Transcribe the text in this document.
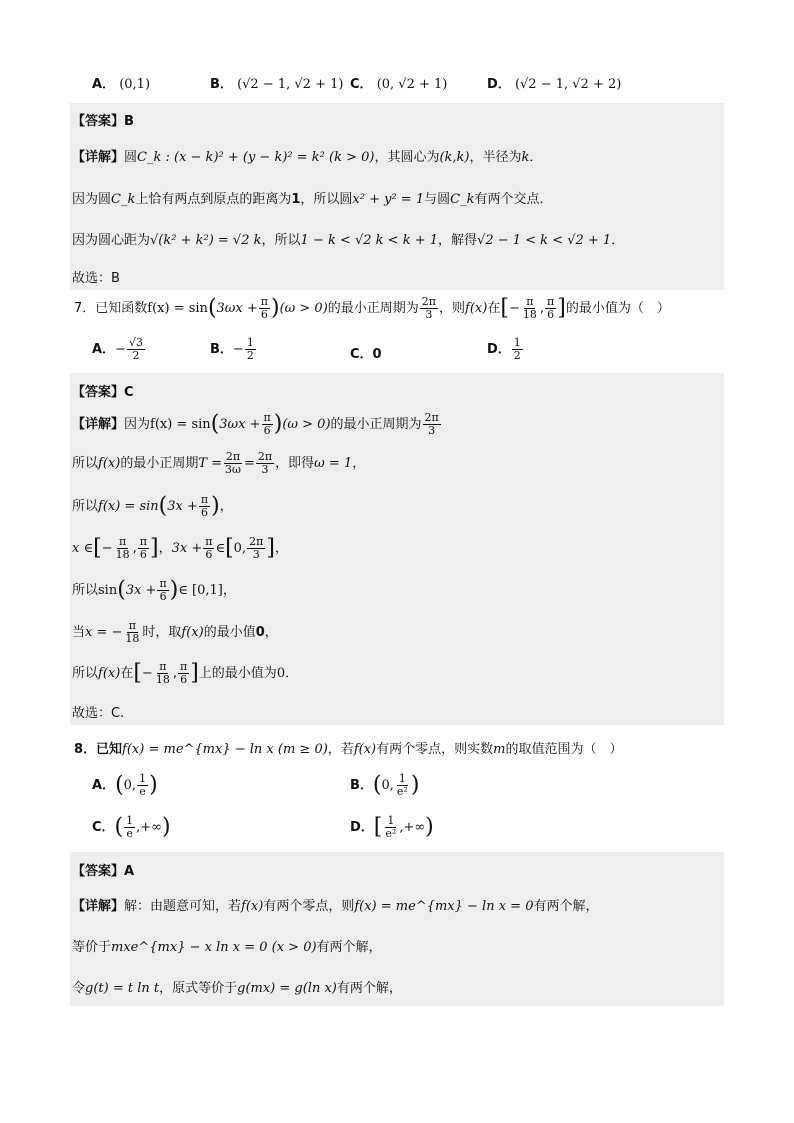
A． (0,1)	B． (√2 − 1, √2 + 1) C． (0, √2 + 1)	D． (√2 − 1, √2 + 2)
【答案】B
【详解】圆C_k : (x − k)² + (y − k)² = k² (k > 0)，其圆心为(k,k)，半径为k．
因为圆C_k上恰有两点到原点的距离为1，所以圆x² + y² = 1与圆C_k有两个交点．
因为圆心距为√(k² + k²) = √2 k，所以1 − k < √2 k < k + 1，解得√2 − 1 < k < √2 + 1．
故选：B
7．已知函数$f(x) = \sin(3\omega x + \frac{\pi}{6} )(\omega > 0)$的最小正周期为 $\frac{2\pi}{3}$ ，则f(x)在[− $\frac{\pi}{18}$ , $\frac{\pi}{6}$ ]的最小值为（　）
A．− $\frac{√3}{2}$	B．− $\frac{1}{2}$	C．0	D． $\frac{1}{2}$
【答案】C
【详解】因为$f(x) = \sin(3\omega x + \frac{\pi}{6} )(\omega > 0)$的最小正周期为 $\frac{2\pi}{3}$
所以f(x)的最小正周期$T = \frac{2\pi}{3\omega} = \frac{2\pi}{3}$ ，即得ω = 1，
所以$f(x) = \sin(3x + \frac{\pi}{6}$ )，
x ∈[− $\frac{\pi}{18}$ , $\frac{\pi}{6}$ ]，$3x + \frac{\pi}{6}$ ∈[0, $\frac{2\pi}{3}$ ]，
所以$\sin(3x + \frac{\pi}{6}$ )∈ [0,1]，
当x = − $\frac{\pi}{18}$ 时，取f(x)的最小值0，
所以f(x)在[− $\frac{\pi}{18}$ , $\frac{\pi}{6}$ ]上的最小值为0．
故选：C.
8．已知f(x) = me^{mx} − ln x (m ≥ 0)，若f(x)有两个零点，则实数m的取值范围为（　）
A．(0, $\frac{1}{e}$ )	B．(0, $\frac{1}{\text{e²}}$ )
C．( $\frac{1}{e}$ ,+∞)	D．[ $\frac{1}{\text{e²}}$ ,+∞)
【答案】A
【详解】解：由题意可知，若f(x)有两个零点，则f(x) = me^{mx} − ln x = 0有两个解，
等价于mxe^{mx} − x ln x = 0 (x > 0)有两个解，
令g(t) = t ln t，原式等价于g(mx) = g(ln x)有两个解，
